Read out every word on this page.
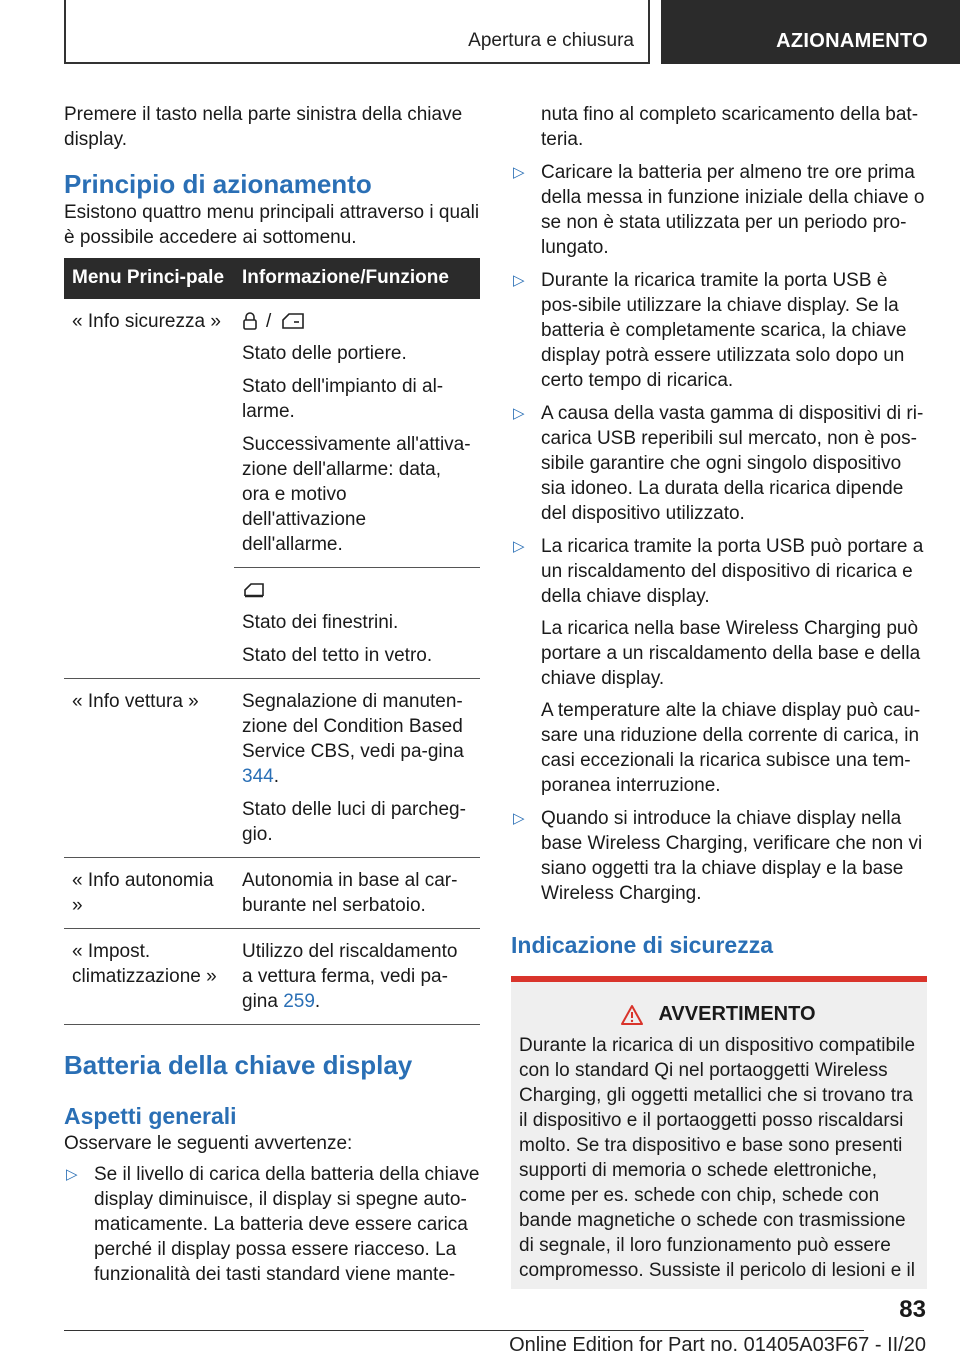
Apertura e chiusura	AZIONAMENTO

Premere il tasto nella parte sinistra della chiave display.

Principio di azionamento

Esistono quattro menu principali attraverso i quali è possibile accedere ai sottomenu.

Menu Princi-pale	Informazione/Funzione
« Info sicurezza »	/

Stato delle portiere.

Stato dell'impianto di al-larme.

Successivamente all'attiva-zione dell'allarme: data, ora e motivo dell'attivazione dell'allarme.

	Stato dei finestrini.

Stato del tetto in vetro.

« Info vettura »	Segnalazione di manuten-zione del Condition Based Service CBS, vedi pa-gina 344.

Stato delle luci di parcheg-gio.

« Info autonomia »	Autonomia in base al car-burante nel serbatoio.

« Impost. climatizzazione »	Utilizzo del riscaldamento a vettura ferma, vedi pa-gina 259.

Batteria della chiave display
Aspetti generali

Osservare le seguenti avvertenze:

▷ Se il livello di carica della batteria della chiave display diminuisce, il display si spegne auto-maticamente. La batteria deve essere carica perché il display possa essere riacceso. La funzionalità dei tasti standard viene mante-

nuta fino al completo scaricamento della bat-teria.

▷ Caricare la batteria per almeno tre ore prima della messa in funzione iniziale della chiave o se non è stata utilizzata per un periodo pro-lungato.

▷ Durante la ricarica tramite la porta USB è pos-sibile utilizzare la chiave display. Se la batteria è completamente scarica, la chiave display potrà essere utilizzata solo dopo un certo tempo di ricarica.

▷ A causa della vasta gamma di dispositivi di ri-carica USB reperibili sul mercato, non è pos-sibile garantire che ogni singolo dispositivo sia idoneo. La durata della ricarica dipende del dispositivo utilizzato.

▷ La ricarica tramite la porta USB può portare a un riscaldamento del dispositivo di ricarica e della chiave display.

La ricarica nella base Wireless Charging può portare a un riscaldamento della base e della chiave display.

A temperature alte la chiave display può cau-sare una riduzione della corrente di carica, in casi eccezionali la ricarica subisce una tem-poranea interruzione.

▷ Quando si introduce la chiave display nella base Wireless Charging, verificare che non vi siano oggetti tra la chiave display e la base Wireless Charging.

Indicazione di sicurezza
AVVERTIMENTO

Durante la ricarica di un dispositivo compatibile con lo standard Qi nel portaoggetti Wireless Charging, gli oggetti metallici che si trovano tra il dispositivo e il portaoggetti posso riscaldarsi molto. Se tra dispositivo e base sono presenti supporti di memoria o schede elettroniche, come per es. schede con chip, schede con bande magnetiche o schede con trasmissione di segnale, il loro funzionamento può essere compromesso. Sussiste il pericolo di lesioni e il

83
Online Edition for Part no. 01405A03F67 - II/20
